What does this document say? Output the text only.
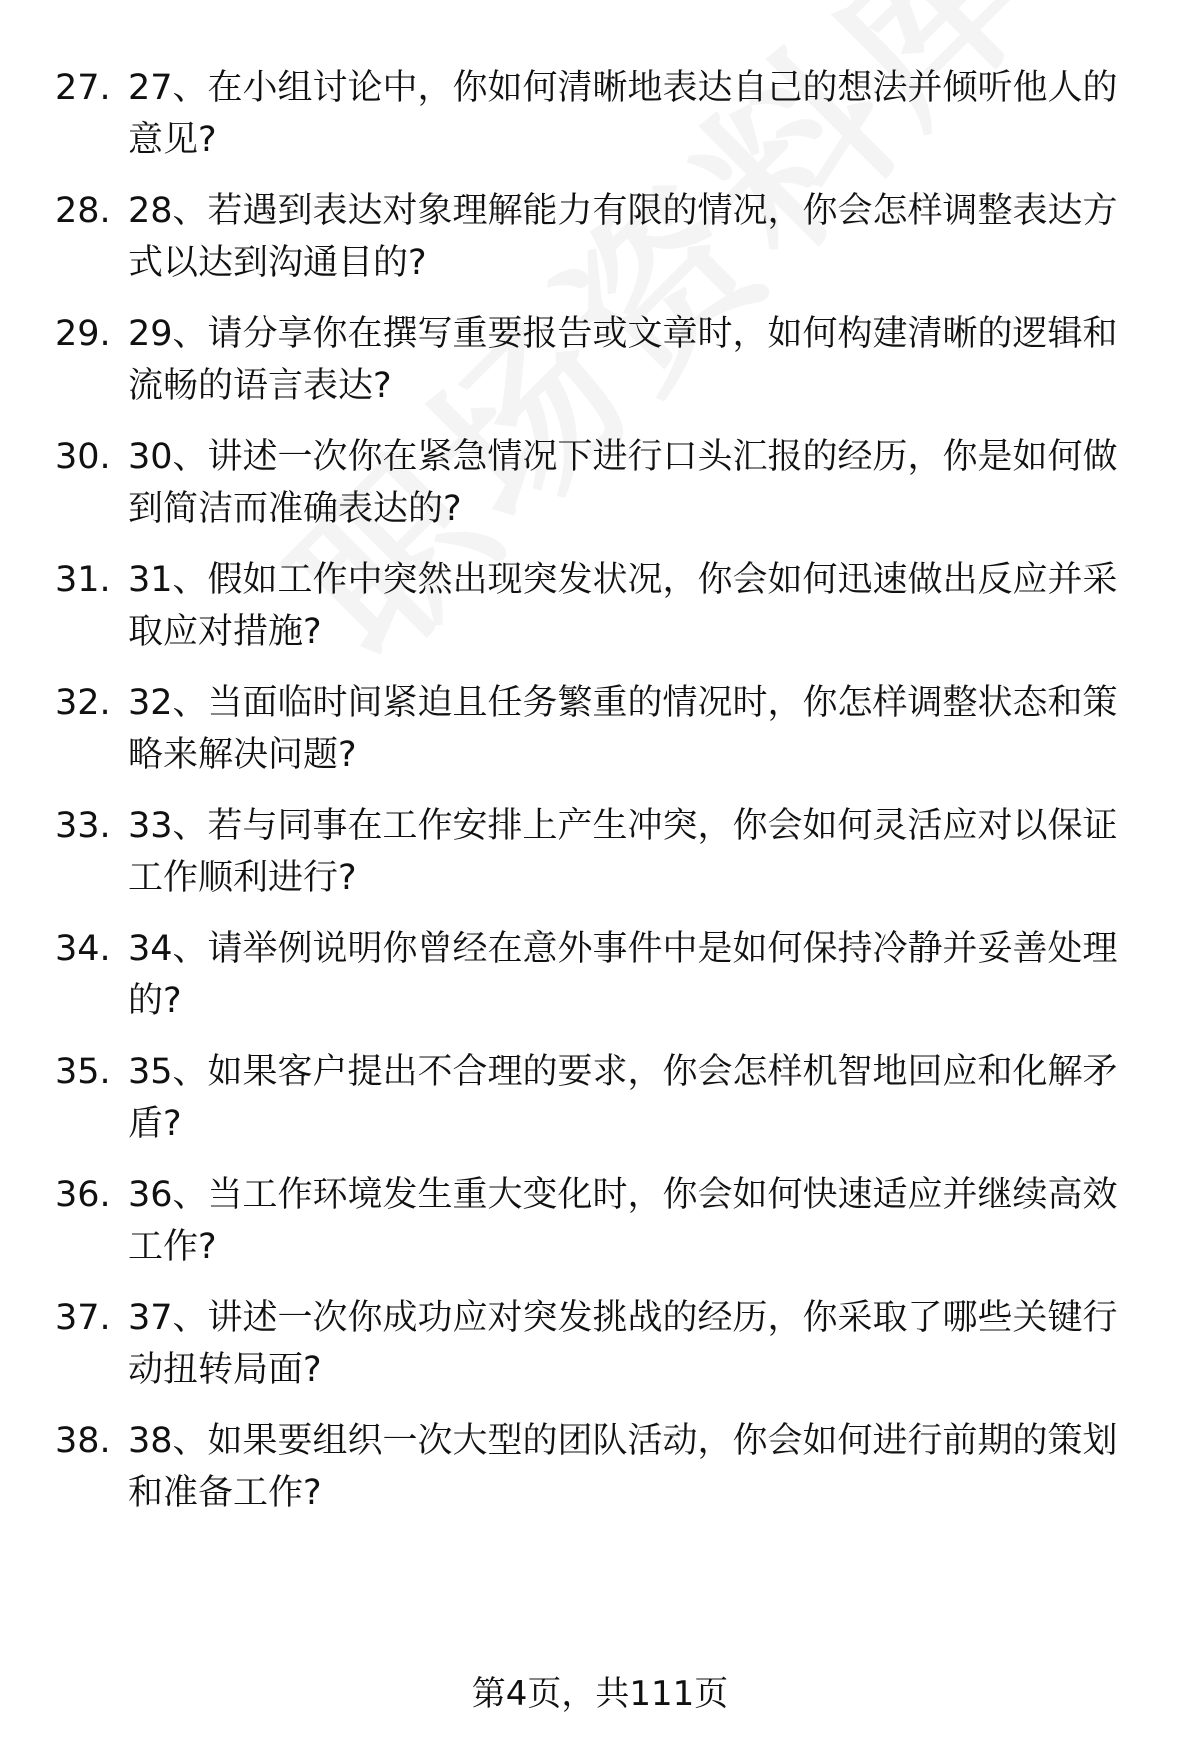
27. 27、在小组讨论中，你如何清晰地表达自己的想法并倾听他人的意见?
28. 28、若遇到表达对象理解能力有限的情况，你会怎样调整表达方式以达到沟通目的?
29. 29、请分享你在撰写重要报告或文章时，如何构建清晰的逻辑和流畅的语言表达?
30. 30、讲述一次你在紧急情况下进行口头汇报的经历，你是如何做到简洁而准确表达的?
31. 31、假如工作中突然出现突发状况，你会如何迅速做出反应并采取应对措施?
32. 32、当面临时间紧迫且任务繁重的情况时，你怎样调整状态和策略来解决问题?
33. 33、若与同事在工作安排上产生冲突，你会如何灵活应对以保证工作顺利进行?
34. 34、请举例说明你曾经在意外事件中是如何保持冷静并妥善处理的?
35. 35、如果客户提出不合理的要求，你会怎样机智地回应和化解矛盾?
36. 36、当工作环境发生重大变化时，你会如何快速适应并继续高效工作?
37. 37、讲述一次你成功应对突发挑战的经历，你采取了哪些关键行动扭转局面?
38. 38、如果要组织一次大型的团队活动，你会如何进行前期的策划和准备工作?
第4页，共111页
